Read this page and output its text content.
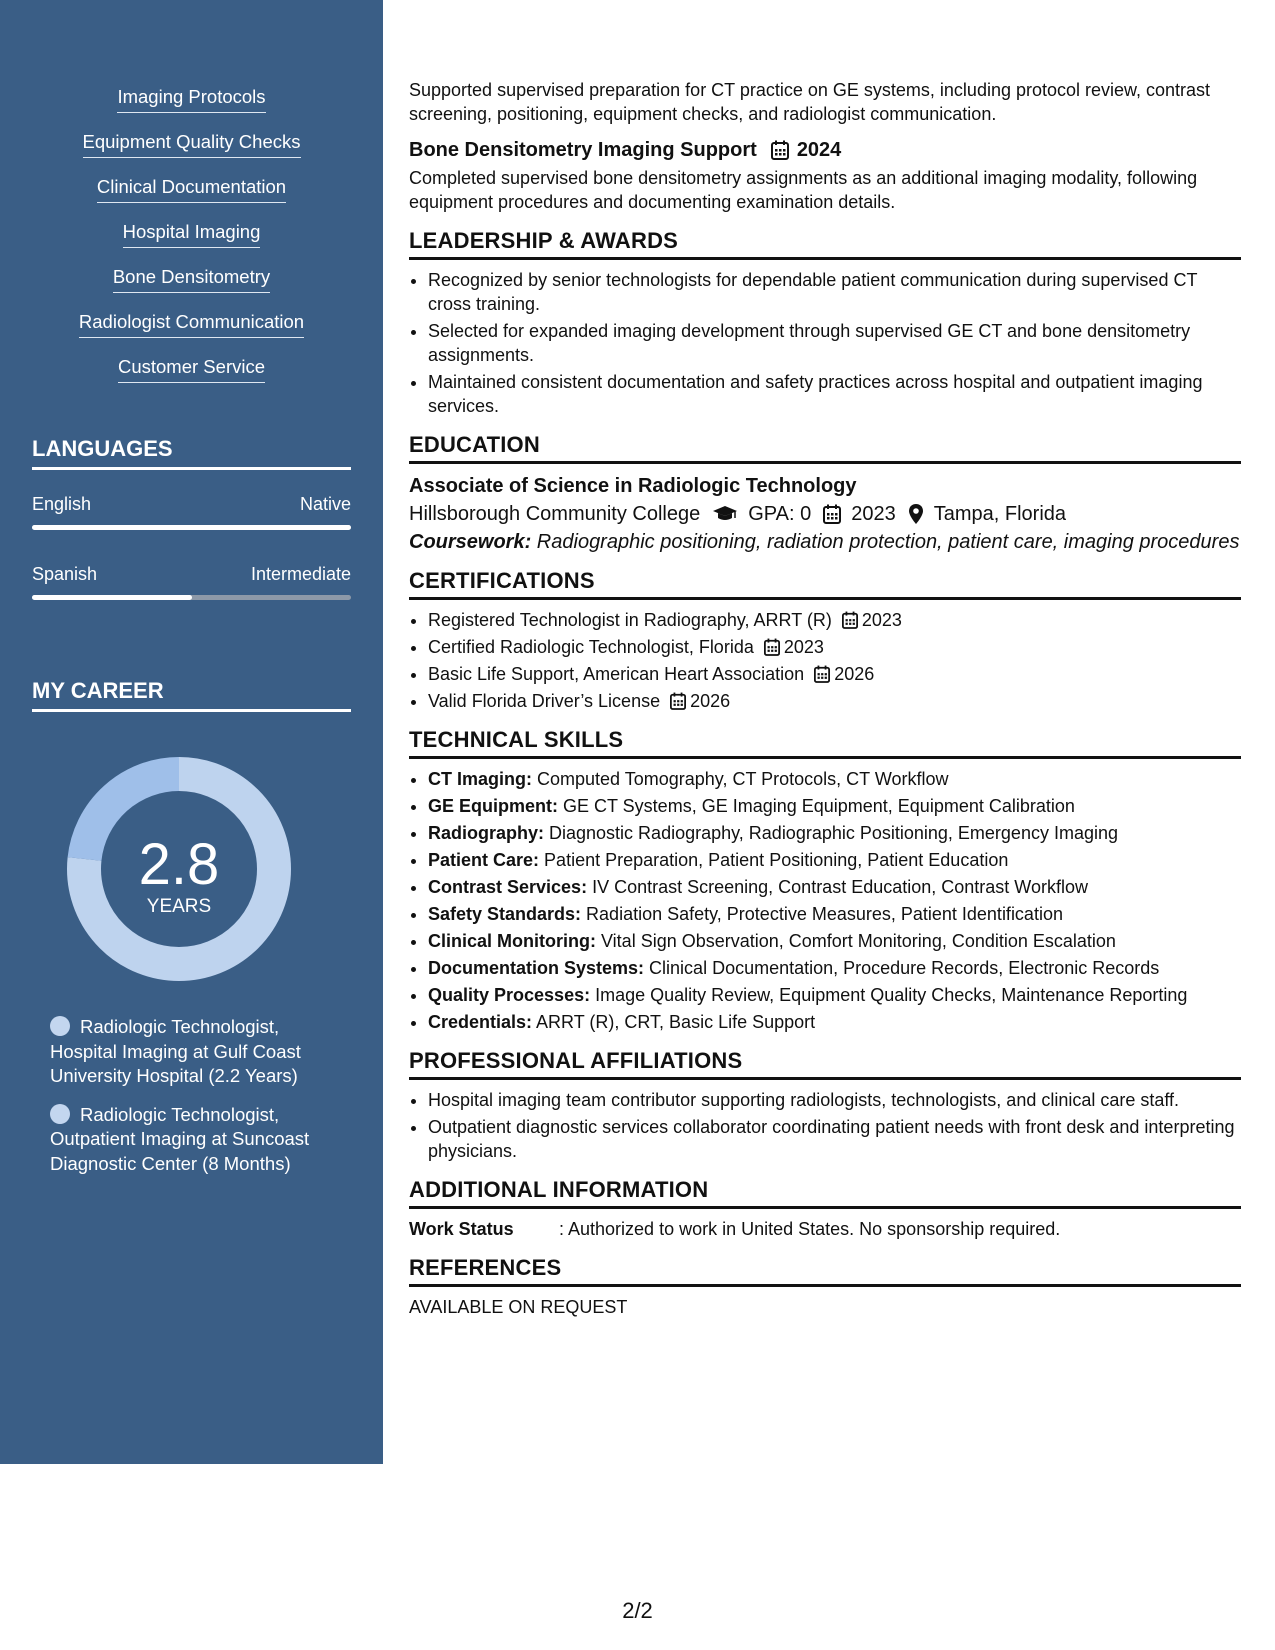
Imaging Protocols
Equipment Quality Checks
Clinical Documentation
Hospital Imaging
Bone Densitometry
Radiologist Communication
Customer Service
LANGUAGES
English	Native
Spanish	Intermediate
MY CAREER
2.8
YEARS
Radiologic Technologist, Hospital Imaging at Gulf Coast University Hospital (2.2 Years)
Radiologic Technologist, Outpatient Imaging at Suncoast Diagnostic Center (8 Months)

Supported supervised preparation for CT practice on GE systems, including protocol review, contrast screening, positioning, equipment checks, and radiologist communication.

Bone Densitometry Imaging Support 2024

Completed supervised bone densitometry assignments as an additional imaging modality, following equipment procedures and documenting examination details.

LEADERSHIP & AWARDS
• Recognized by senior technologists for dependable patient communication during supervised CT cross training.
• Selected for expanded imaging development through supervised GE CT and bone densitometry assignments.
• Maintained consistent documentation and safety practices across hospital and outpatient imaging services.
EDUCATION
Associate of Science in Radiologic Technology
Hillsborough Community College GPA: 0 2023 Tampa, Florida
Coursework: Radiographic positioning, radiation protection, patient care, imaging procedures
CERTIFICATIONS
• Registered Technologist in Radiography, ARRT (R) 2023
• Certified Radiologic Technologist, Florida 2023
• Basic Life Support, American Heart Association 2026
• Valid Florida Driver’s License 2026
TECHNICAL SKILLS
• CT Imaging: Computed Tomography, CT Protocols, CT Workflow
• GE Equipment: GE CT Systems, GE Imaging Equipment, Equipment Calibration
• Radiography: Diagnostic Radiography, Radiographic Positioning, Emergency Imaging
• Patient Care: Patient Preparation, Patient Positioning, Patient Education
• Contrast Services: IV Contrast Screening, Contrast Education, Contrast Workflow
• Safety Standards: Radiation Safety, Protective Measures, Patient Identification
• Clinical Monitoring: Vital Sign Observation, Comfort Monitoring, Condition Escalation
• Documentation Systems: Clinical Documentation, Procedure Records, Electronic Records
• Quality Processes: Image Quality Review, Equipment Quality Checks, Maintenance Reporting
• Credentials: ARRT (R), CRT, Basic Life Support
PROFESSIONAL AFFILIATIONS
• Hospital imaging team contributor supporting radiologists, technologists, and clinical care staff.
• Outpatient diagnostic services collaborator coordinating patient needs with front desk and interpreting physicians.
ADDITIONAL INFORMATION
Work Status	: Authorized to work in United States. No sponsorship required.
REFERENCES

AVAILABLE ON REQUEST

2/2
